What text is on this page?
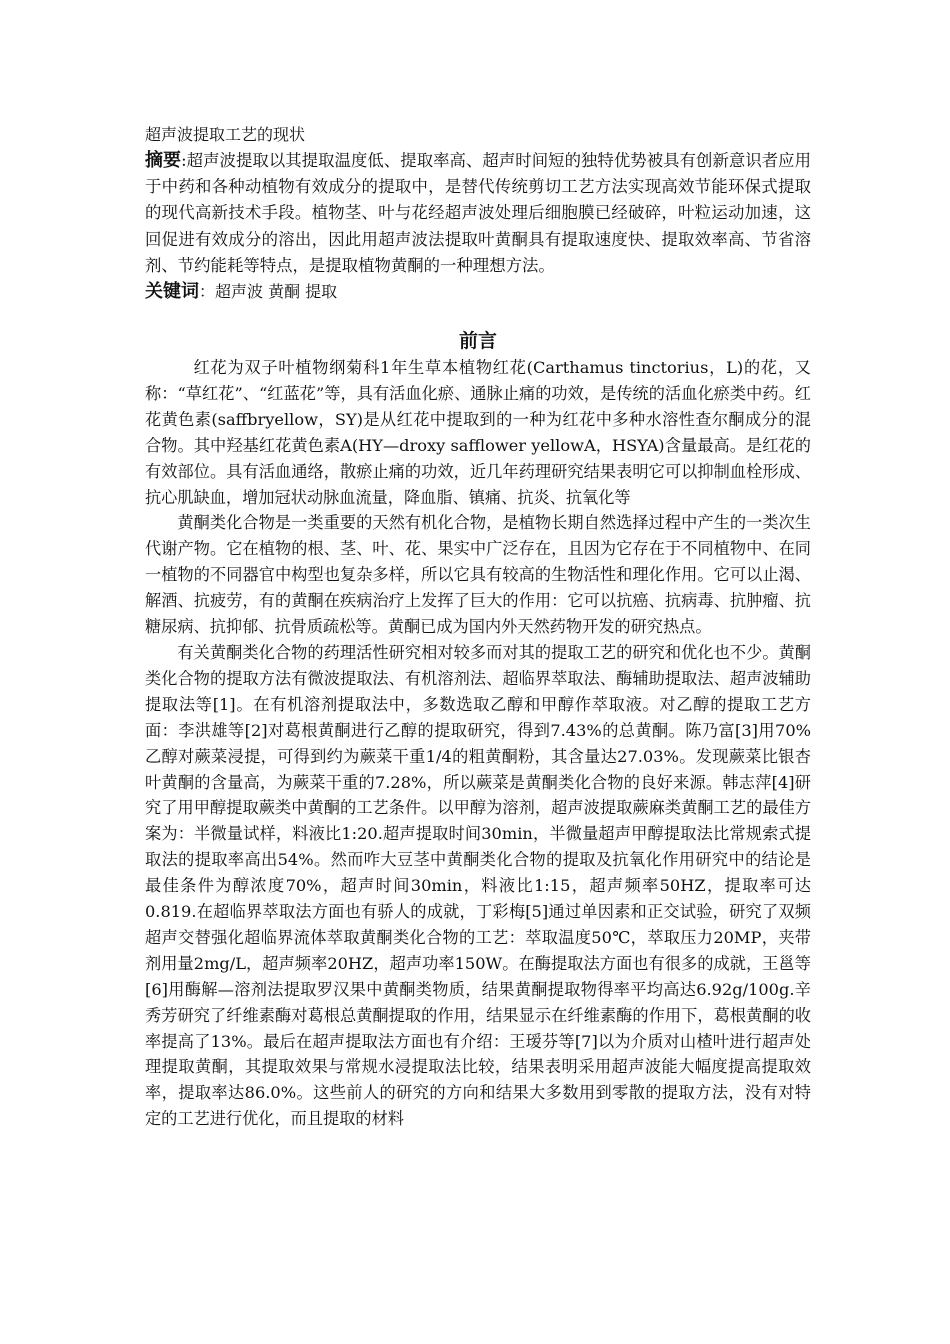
超声波提取工艺的现状

摘要:超声波提取以其提取温度低、提取率高、超声时间短的独特优势被具有创新意识者应用于中药和各种动植物有效成分的提取中，是替代传统剪切工艺方法实现高效节能环保式提取的现代高新技术手段。植物茎、叶与花经超声波处理后细胞膜已经破碎，叶粒运动加速，这回促进有效成分的溶出，因此用超声波法提取叶黄酮具有提取速度快、提取效率高、节省溶剂、节约能耗等特点，是提取植物黄酮的一种理想方法。

关键词：超声波 黄酮 提取

前言

红花为双子叶植物纲菊科1年生草本植物红花(Carthamus tinctorius，L)的花，又称：“草红花”、“红蓝花”等，具有活血化瘀、通脉止痛的功效，是传统的活血化瘀类中药。红花黄色素(saffbryellow，SY)是从红花中提取到的一种为红花中多种水溶性查尔酮成分的混合物。其中羟基红花黄色素A(HY—droxy safflower yellowA，HSYA)含量最高。是红花的有效部位。具有活血通络，散瘀止痛的功效，近几年药理研究结果表明它可以抑制血栓形成、抗心肌缺血，增加冠状动脉血流量，降血脂、镇痛、抗炎、抗氧化等

黄酮类化合物是一类重要的天然有机化合物，是植物长期自然选择过程中产生的一类次生代谢产物。它在植物的根、茎、叶、花、果实中广泛存在，且因为它存在于不同植物中、在同一植物的不同器官中构型也复杂多样，所以它具有较高的生物活性和理化作用。它可以止渴、解酒、抗疲劳，有的黄酮在疾病治疗上发挥了巨大的作用：它可以抗癌、抗病毒、抗肿瘤、抗糖尿病、抗抑郁、抗骨质疏松等。黄酮已成为国内外天然药物开发的研究热点。

有关黄酮类化合物的药理活性研究相对较多而对其的提取工艺的研究和优化也不少。黄酮类化合物的提取方法有微波提取法、有机溶剂法、超临界萃取法、酶辅助提取法、超声波辅助提取法等[1]。在有机溶剂提取法中，多数选取乙醇和甲醇作萃取液。对乙醇的提取工艺方面：李洪雄等[2]对葛根黄酮进行乙醇的提取研究，得到7.43%的总黄酮。陈乃富[3]用70%乙醇对蕨菜浸提，可得到约为蕨菜干重1/4的粗黄酮粉，其含量达27.03%。发现蕨菜比银杏叶黄酮的含量高，为蕨菜干重的7.28%，所以蕨菜是黄酮类化合物的良好来源。韩志萍[4]研究了用甲醇提取蕨类中黄酮的工艺条件。以甲醇为溶剂，超声波提取蕨麻类黄酮工艺的最佳方案为：半微量试样，料液比1:20.超声提取时间30min，半微量超声甲醇提取法比常规索式提取法的提取率高出54%。然而咋大豆茎中黄酮类化合物的提取及抗氧化作用研究中的结论是最佳条件为醇浓度70%，超声时间30min，料液比1:15，超声频率50HZ，提取率可达0.819.在超临界萃取法方面也有骄人的成就，丁彩梅[5]通过单因素和正交试验，研究了双频超声交替强化超临界流体萃取黄酮类化合物的工艺：萃取温度50℃，萃取压力20MP，夹带剂用量2mg/L，超声频率20HZ，超声功率150W。在酶提取法方面也有很多的成就，王邕等[6]用酶解—溶剂法提取罗汉果中黄酮类物质，结果黄酮提取物得率平均高达6.92g/100g.辛秀芳研究了纤维素酶对葛根总黄酮提取的作用，结果显示在纤维素酶的作用下，葛根黄酮的收率提高了13%。最后在超声提取法方面也有介绍：王瑷芬等[7]以为介质对山楂叶进行超声处理提取黄酮，其提取效果与常规水浸提取法比较，结果表明采用超声波能大幅度提高提取效率，提取率达86.0%。这些前人的研究的方向和结果大多数用到零散的提取方法，没有对特定的工艺进行优化，而且提取的材料
